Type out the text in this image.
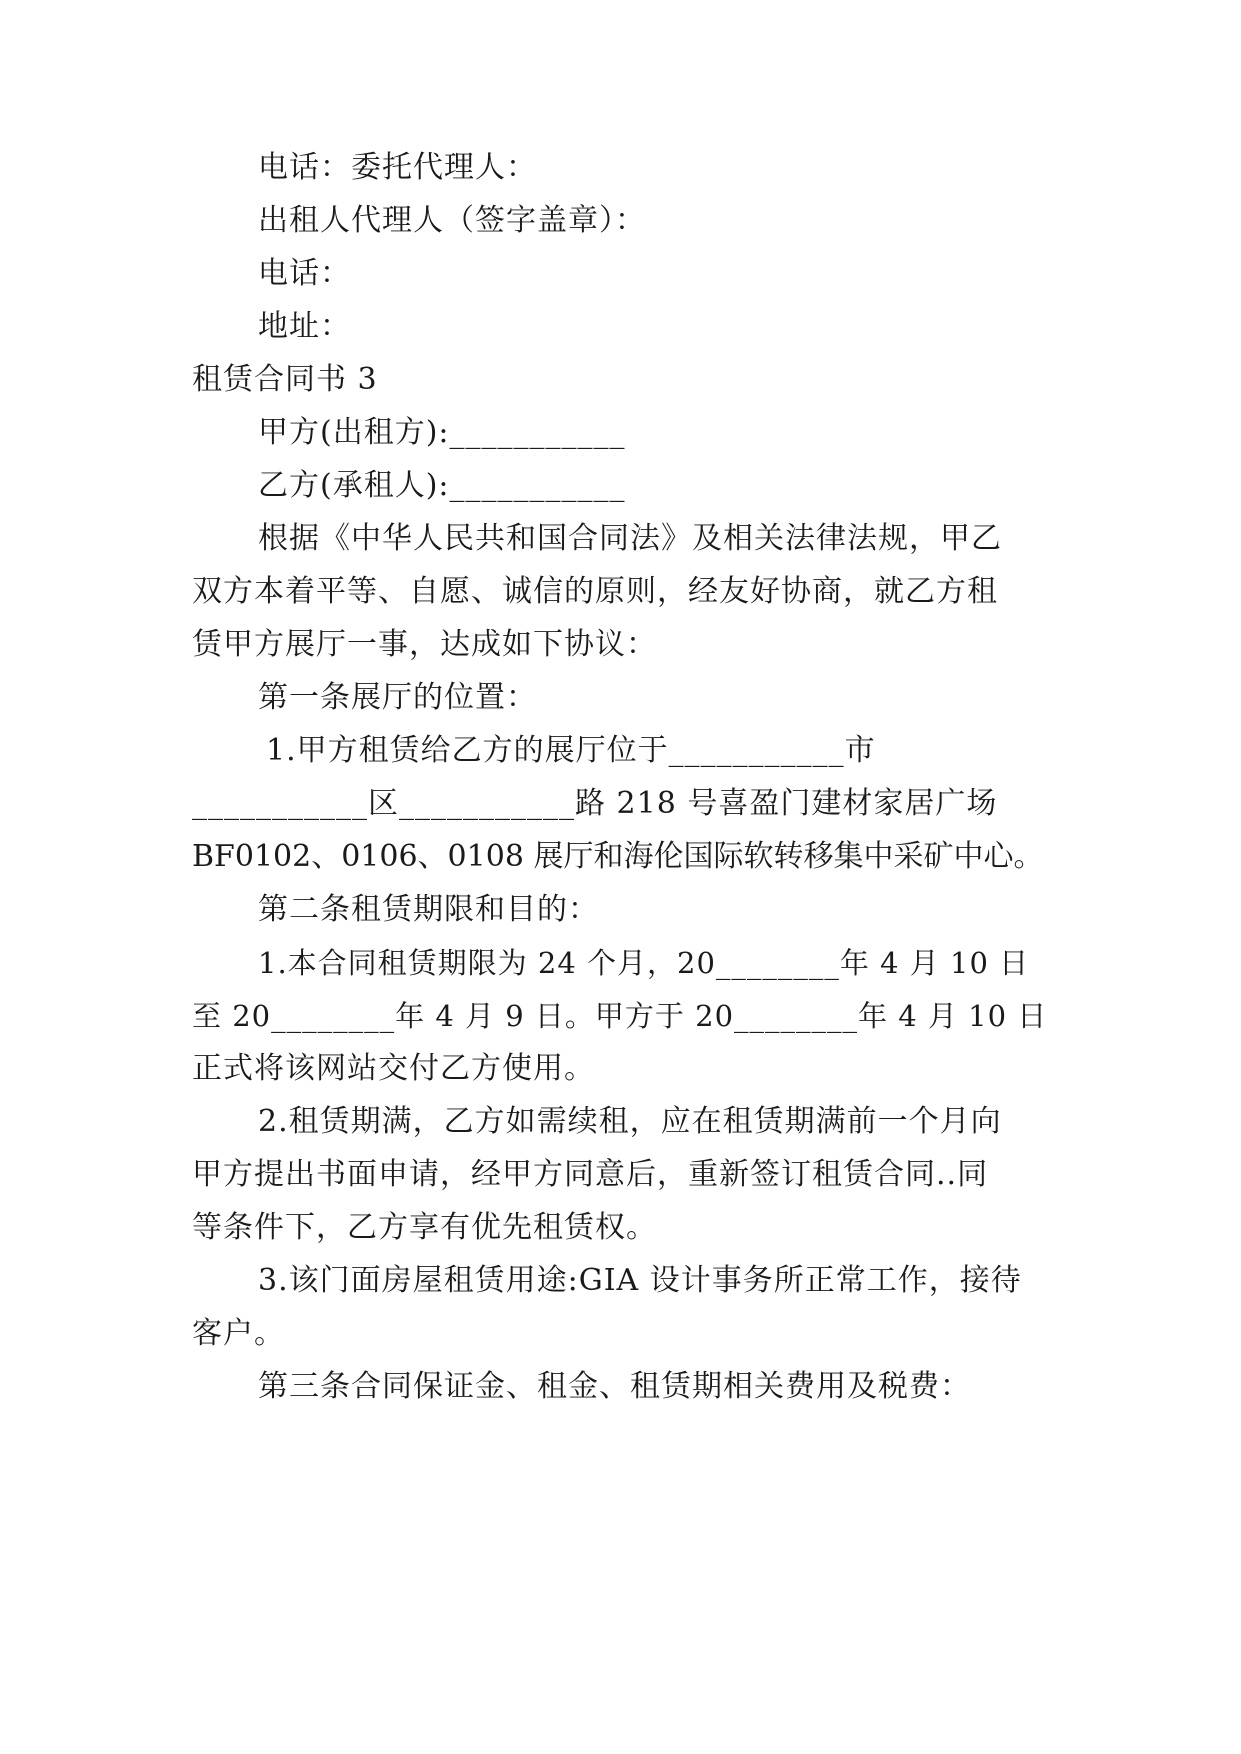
电话：委托代理人：
出租人代理人（签字盖章）：
电话：
地址：
租赁合同书 3
甲方(出租方):___________
乙方(承租人):___________
根据《中华人民共和国合同法》及相关法律法规，甲乙
双方本着平等、自愿、诚信的原则，经友好协商，就乙方租
赁甲方展厅一事，达成如下协议：
第一条展厅的位置：
1.甲方租赁给乙方的展厅位于___________市
___________区___________路 218 号喜盈门建材家居广场
BF0102、0106、0108 展厅和海伦国际软转移集中采矿中心。
第二条租赁期限和目的：
1.本合同租赁期限为 24 个月，20________年 4 月 10 日
至 20________年 4 月 9 日。甲方于 20________年 4 月 10 日
正式将该网站交付乙方使用。
2.租赁期满，乙方如需续租，应在租赁期满前一个月向
甲方提出书面申请，经甲方同意后，重新签订租赁合同..同
等条件下，乙方享有优先租赁权。
3.该门面房屋租赁用途:GIA 设计事务所正常工作，接待
客户。
第三条合同保证金、租金、租赁期相关费用及税费：
